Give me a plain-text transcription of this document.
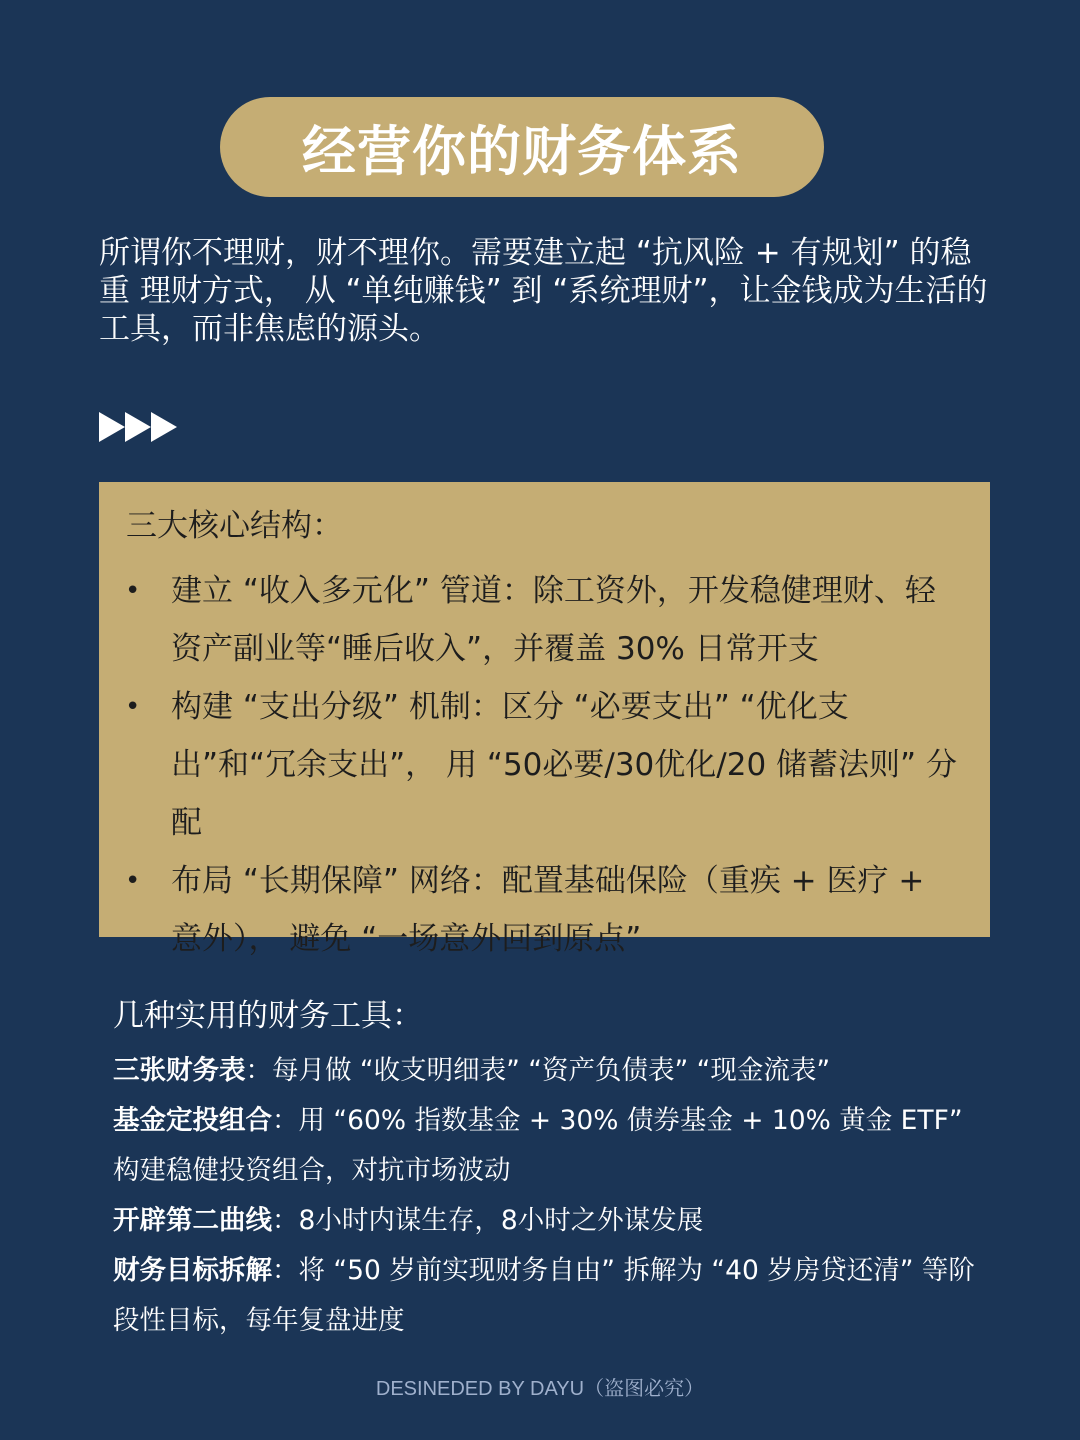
经营你的财务体系

所谓你不理财，财不理你。需要建立起 “抗风险 + 有规划” 的稳重 理财方式， 从 “单纯赚钱” 到 “系统理财”，让金钱成为生活的工具，而非焦虑的源头。

三大核心结构：

• 建立 “收入多元化” 管道：除工资外，开发稳健理财、轻资产副业等“睡后收入”，并覆盖 30% 日常开支
• 构建 “支出分级” 机制：区分 “必要支出” “优化支出”和“冗余支出”， 用 “50必要/30优化/20 储蓄法则” 分配
• 布局 “长期保障” 网络：配置基础保险（重疾 + 医疗 + 意外）， 避免 “一场意外回到原点”

几种实用的财务工具：

三张财务表：每月做 “收支明细表” “资产负债表” “现金流表”

基金定投组合：用 “60% 指数基金 + 30% 债券基金 + 10% 黄金 ETF” 构建稳健投资组合，对抗市场波动

开辟第二曲线：8小时内谋生存，8小时之外谋发展

财务目标拆解：将 “50 岁前实现财务自由” 拆解为 “40 岁房贷还清” 等阶段性目标，每年复盘进度

DESINEDED BY DAYU（盗图必究）
